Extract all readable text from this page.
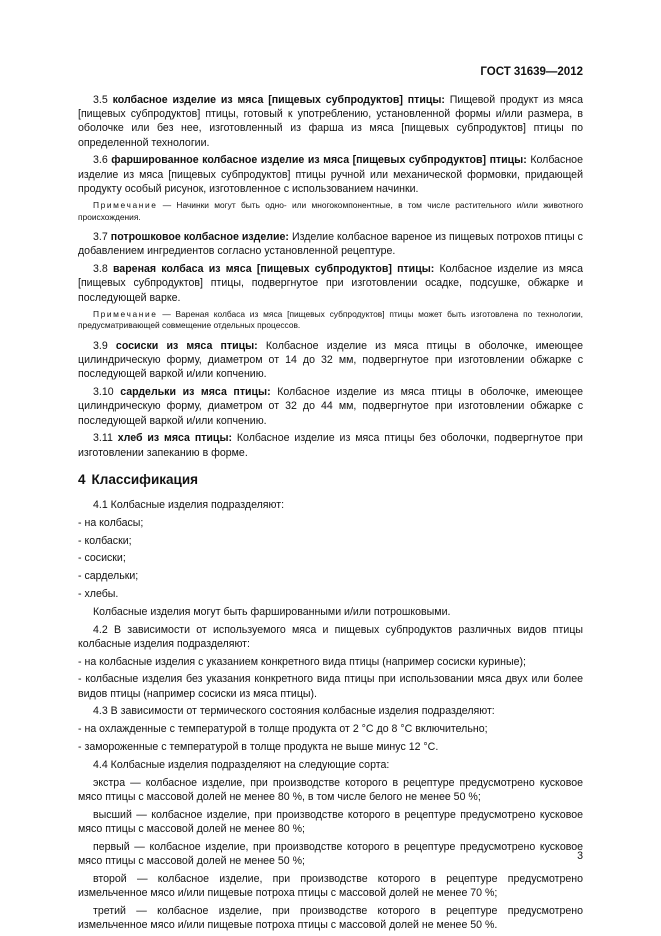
ГОСТ 31639—2012

3.5 колбасное изделие из мяса [пищевых субпродуктов] птицы: Пищевой продукт из мяса [пищевых субпродуктов] птицы, готовый к употреблению, установленной формы и/или размера, в оболочке или без нее, изготовленный из фарша из мяса [пищевых субпродуктов] птицы по определенной технологии.

3.6 фаршированное колбасное изделие из мяса [пищевых субпродуктов] птицы: Колбасное изделие из мяса [пищевых субпродуктов] птицы ручной или механической формовки, придающей продукту особый рисунок, изготовленное с использованием начинки.

Примечание — Начинки могут быть одно- или многокомпонентные, в том числе растительного и/или животного происхождения.

3.7 потрошковое колбасное изделие: Изделие колбасное вареное из пищевых потрохов птицы с добавлением ингредиентов согласно установленной рецептуре.

3.8 вареная колбаса из мяса [пищевых субпродуктов] птицы: Колбасное изделие из мяса [пищевых субпродуктов] птицы, подвергнутое при изготовлении осадке, подсушке, обжарке и последующей варке.

Примечание — Вареная колбаса из мяса [пищевых субпродуктов] птицы может быть изготовлена по технологии, предусматривающей совмещение отдельных процессов.

3.9 сосиски из мяса птицы: Колбасное изделие из мяса птицы в оболочке, имеющее цилиндрическую форму, диаметром от 14 до 32 мм, подвергнутое при изготовлении обжарке с последующей варкой и/или копчению.

3.10 сардельки из мяса птицы: Колбасное изделие из мяса птицы в оболочке, имеющее цилиндрическую форму, диаметром от 32 до 44 мм, подвергнутое при изготовлении обжарке с последующей варкой и/или копчению.

3.11 хлеб из мяса птицы: Колбасное изделие из мяса птицы без оболочки, подвергнутое при изготовлении запеканию в форме.

4 Классификация

4.1 Колбасные изделия подразделяют:

- на колбасы;

- колбаски;

- сосиски;

- сардельки;

- хлебы.

Колбасные изделия могут быть фаршированными и/или потрошковыми.

4.2 В зависимости от используемого мяса и пищевых субпродуктов различных видов птицы колбасные изделия подразделяют:

- на колбасные изделия с указанием конкретного вида птицы (например сосиски куриные);

- колбасные изделия без указания конкретного вида птицы при использовании мяса двух или более видов птицы (например сосиски из мяса птицы).

4.3 В зависимости от термического состояния колбасные изделия подразделяют:

- на охлажденные с температурой в толще продукта от 2 °С до 8 °С включительно;

- замороженные с температурой в толще продукта не выше минус 12 °С.

4.4 Колбасные изделия подразделяют на следующие сорта:

экстра — колбасное изделие, при производстве которого в рецептуре предусмотрено кусковое мясо птицы с массовой долей не менее 80 %, в том числе белого не менее 50 %;

высший — колбасное изделие, при производстве которого в рецептуре предусмотрено кусковое мясо птицы с массовой долей не менее 80 %;

первый — колбасное изделие, при производстве которого в рецептуре предусмотрено кусковое мясо птицы с массовой долей не менее 50 %;

второй — колбасное изделие, при производстве которого в рецептуре предусмотрено измельченное мясо и/или пищевые потроха птицы с массовой долей не менее 70 %;

третий — колбасное изделие, при производстве которого в рецептуре предусмотрено измельченное мясо и/или пищевые потроха птицы с массовой долей не менее 50 %.

3
